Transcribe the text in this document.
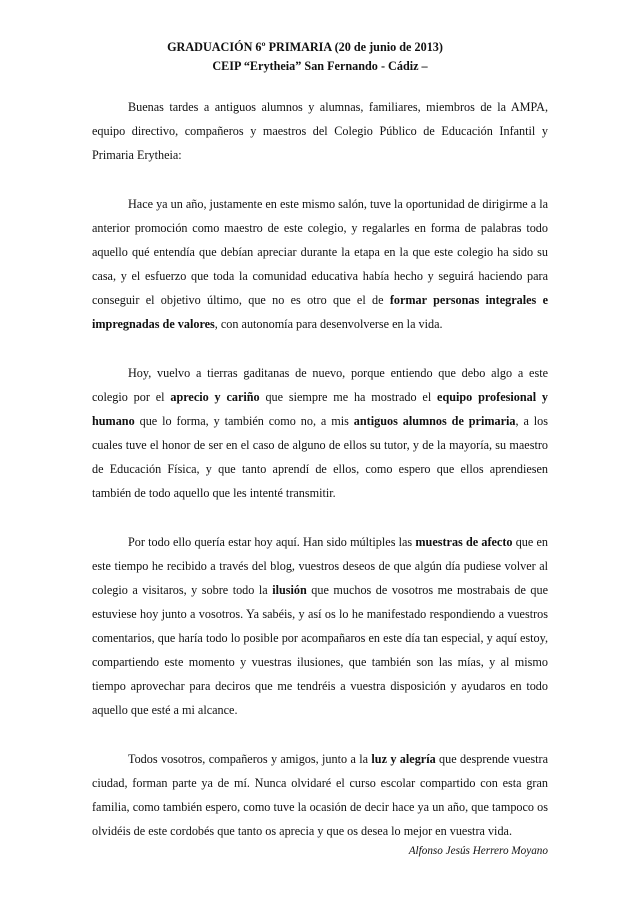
GRADUACIÓN 6º PRIMARIA (20 de junio de 2013)

CEIP “Erytheia” San Fernando - Cádiz –

Buenas tardes a antiguos alumnos y alumnas, familiares, miembros de la AMPA, equipo directivo, compañeros y maestros del Colegio Público de Educación Infantil y Primaria Erytheia:

Hace ya un año, justamente en este mismo salón, tuve la oportunidad de dirigirme a la anterior promoción como maestro de este colegio, y regalarles en forma de palabras todo aquello qué entendía que debían apreciar durante la etapa en la que este colegio ha sido su casa, y el esfuerzo que toda la comunidad educativa había hecho y seguirá haciendo para conseguir el objetivo último, que no es otro que el de formar personas integrales e impregnadas de valores, con autonomía para desenvolverse en la vida.

Hoy, vuelvo a tierras gaditanas de nuevo, porque entiendo que debo algo a este colegio por el aprecio y cariño que siempre me ha mostrado el equipo profesional y humano que lo forma, y también como no, a mis antiguos alumnos de primaria, a los cuales tuve el honor de ser en el caso de alguno de ellos su tutor, y de la mayoría, su maestro de Educación Física, y que tanto aprendí de ellos, como espero que ellos aprendiesen también de todo aquello que les intenté transmitir.

Por todo ello quería estar hoy aquí. Han sido múltiples las muestras de afecto que en este tiempo he recibido a través del blog, vuestros deseos de que algún día pudiese volver al colegio a visitaros, y sobre todo la ilusión que muchos de vosotros me mostrabais de que estuviese hoy junto a vosotros. Ya sabéis, y así os lo he manifestado respondiendo a vuestros comentarios, que haría todo lo posible por acompañaros en este día tan especial, y aquí estoy, compartiendo este momento y vuestras ilusiones, que también son las mías, y al mismo tiempo aprovechar para deciros que me tendréis a vuestra disposición y ayudaros en todo aquello que esté a mi alcance.

Todos vosotros, compañeros y amigos, junto a la luz y alegría que desprende vuestra ciudad, forman parte ya de mí. Nunca olvidaré el curso escolar compartido con esta gran familia, como también espero, como tuve la ocasión de decir hace ya un año, que tampoco os olvidéis de este cordobés que tanto os aprecia y que os desea lo mejor en vuestra vida.

Alfonso Jesús Herrero Moyano
